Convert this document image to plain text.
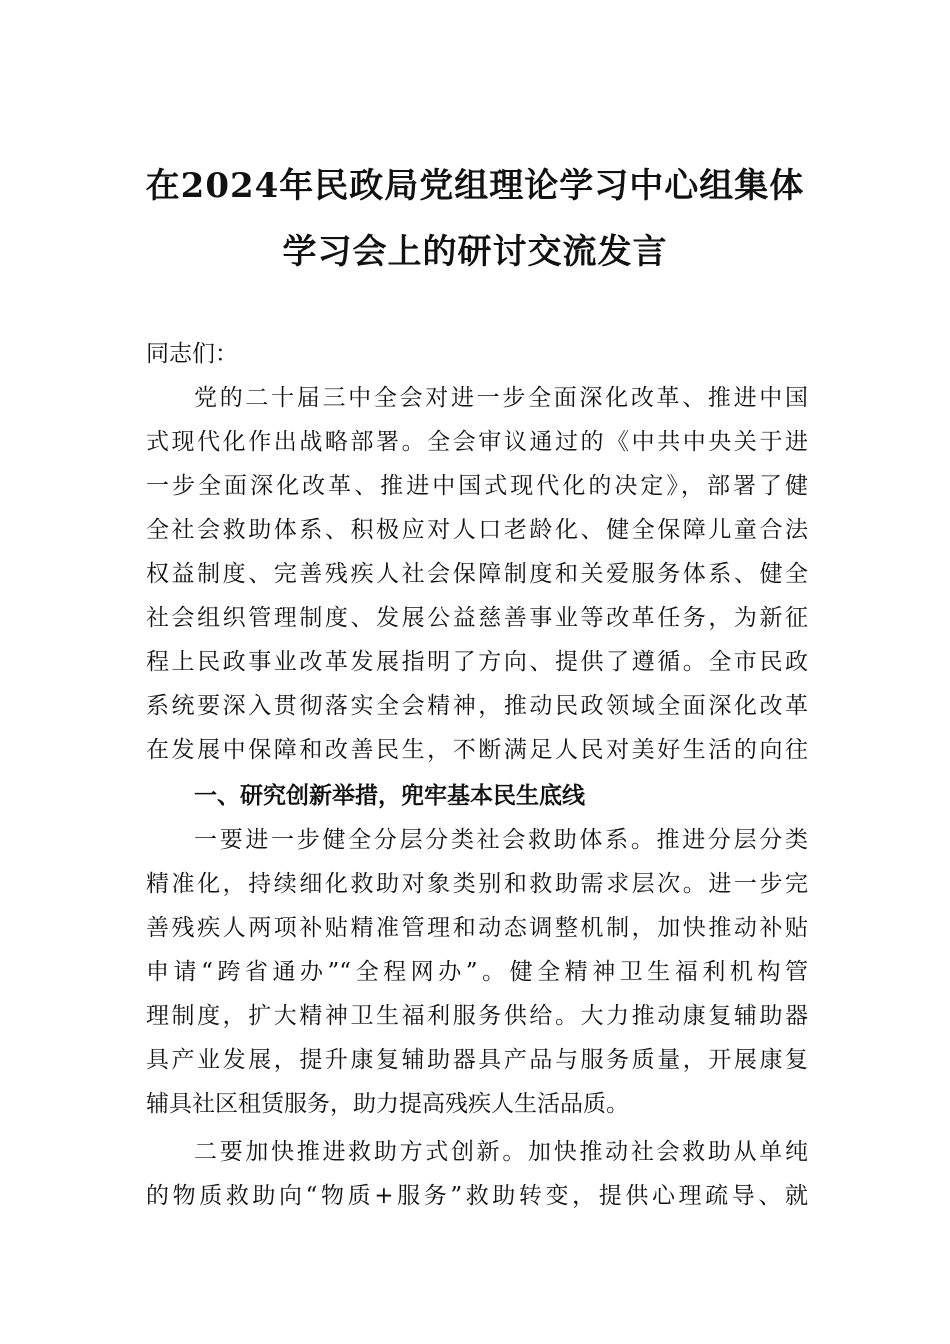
在2024年民政局党组理论学习中心组集体
学习会上的研讨交流发言
同志们：
党的二十届三中全会对进一步全面深化改革、推进中国
式现代化作出战略部署。全会审议通过的《中共中央关于进
一步全面深化改革、推进中国式现代化的决定》，部署了健
全社会救助体系、积极应对人口老龄化、健全保障儿童合法
权益制度、完善残疾人社会保障制度和关爱服务体系、健全
社会组织管理制度、发展公益慈善事业等改革任务，为新征
程上民政事业改革发展指明了方向、提供了遵循。全市民政
系统要深入贯彻落实全会精神，推动民政领域全面深化改革
在发展中保障和改善民生，不断满足人民对美好生活的向往
一、研究创新举措，兜牢基本民生底线
一要进一步健全分层分类社会救助体系。推进分层分类
精准化，持续细化救助对象类别和救助需求层次。进一步完
善残疾人两项补贴精准管理和动态调整机制，加快推动补贴
申请“跨省通办”“全程网办”。健全精神卫生福利机构管
理制度，扩大精神卫生福利服务供给。大力推动康复辅助器
具产业发展，提升康复辅助器具产品与服务质量，开展康复
辅具社区租赁服务，助力提高残疾人生活品质。
二要加快推进救助方式创新。加快推动社会救助从单纯
的物质救助向“物质+服务”救助转变，提供心理疏导、就
